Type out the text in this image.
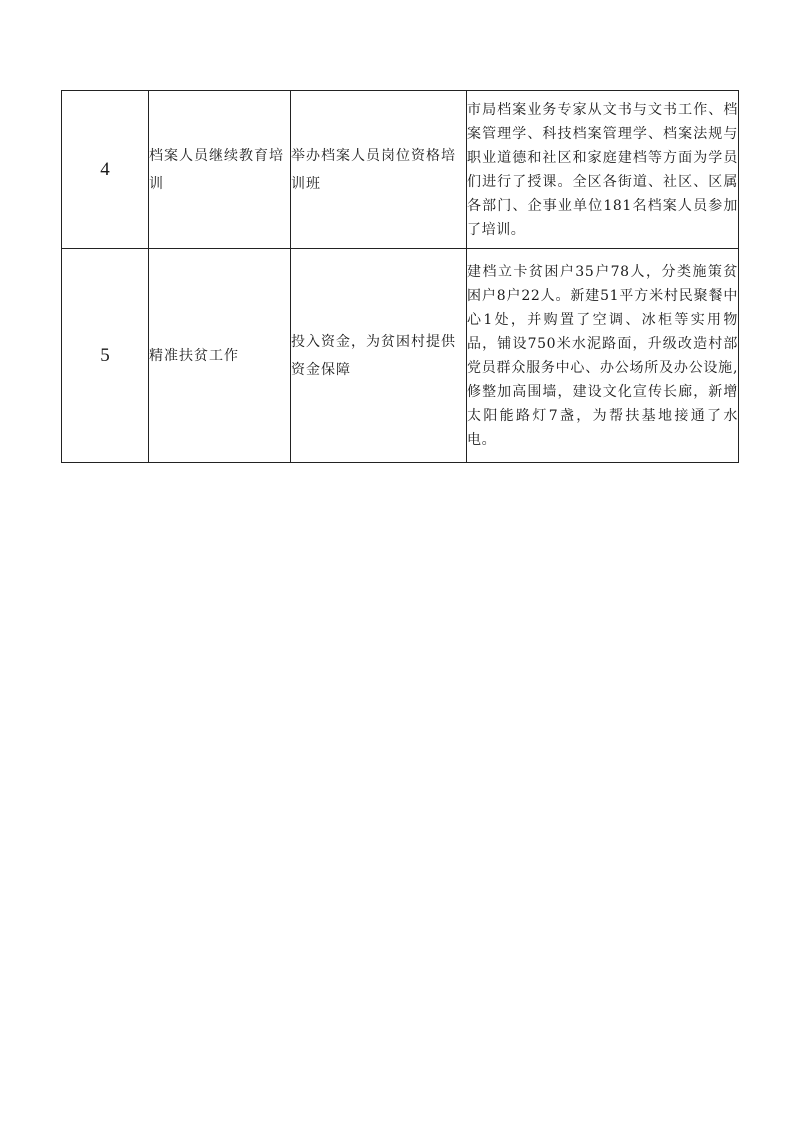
4	档案人员继续教育培训	举办档案人员岗位资格培训班	市局档案业务专家从文书与文书工作、档案管理学、科技档案管理学、档案法规与职业道德和社区和家庭建档等方面为学员们进行了授课。全区各街道、社区、区属各部门、企事业单位181名档案人员参加了培训。
5	精准扶贫工作	投入资金，为贫困村提供资金保障	建档立卡贫困户35户78人，分类施策贫困户8户22人。新建51平方米村民聚餐中心1处，并购置了空调、冰柜等实用物品，铺设750米水泥路面，升级改造村部党员群众服务中心、办公场所及办公设施,修整加高围墙，建设文化宣传长廊，新增太阳能路灯7盏，为帮扶基地接通了水电。
